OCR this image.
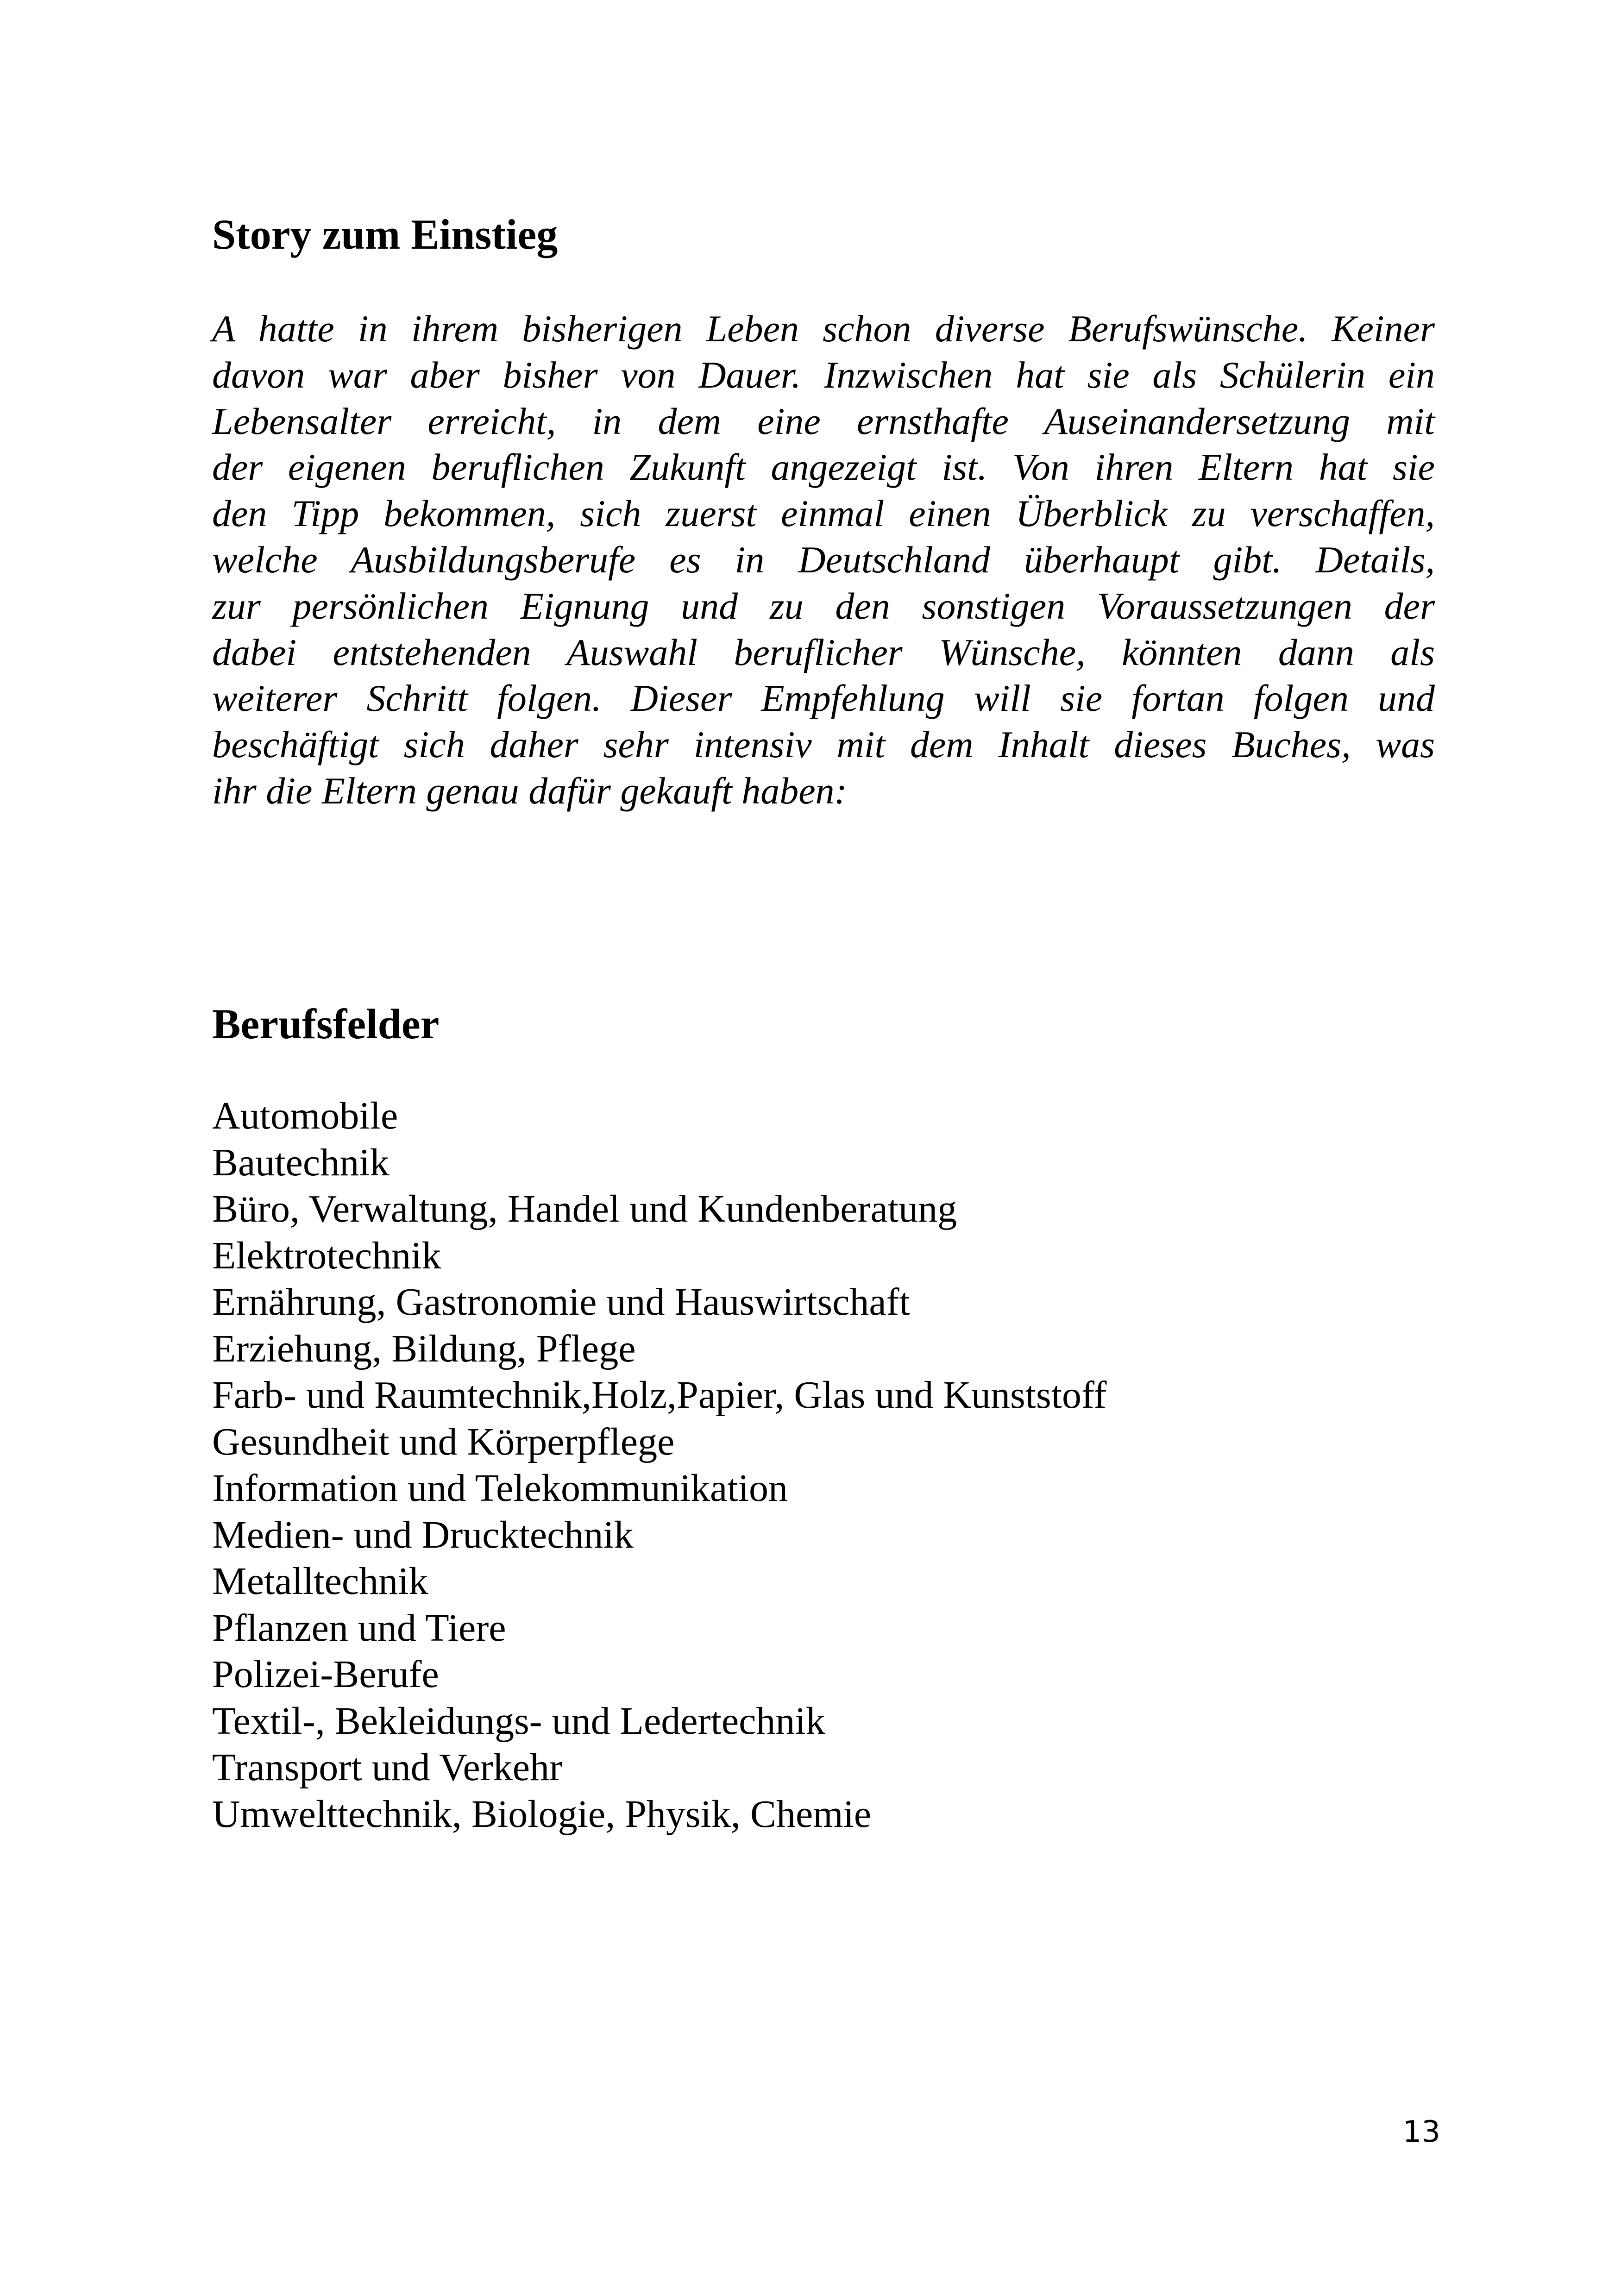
Story zum Einstieg
A hatte in ihrem bisherigen Leben schon diverse Berufswünsche. Keiner
davon war aber bisher von Dauer. Inzwischen hat sie als Schülerin ein
Lebensalter erreicht, in dem eine ernsthafte Auseinandersetzung mit
der eigenen beruflichen Zukunft angezeigt ist. Von ihren Eltern hat sie
den Tipp bekommen, sich zuerst einmal einen Überblick zu verschaffen,
welche Ausbildungsberufe es in Deutschland überhaupt gibt. Details,
zur persönlichen Eignung und zu den sonstigen Voraussetzungen der
dabei entstehenden Auswahl beruflicher Wünsche, könnten dann als
weiterer Schritt folgen. Dieser Empfehlung will sie fortan folgen und
beschäftigt sich daher sehr intensiv mit dem Inhalt dieses Buches, was
ihr die Eltern genau dafür gekauft haben:
Berufsfelder
Automobile
Bautechnik
Büro, Verwaltung, Handel und Kundenberatung
Elektrotechnik
Ernährung, Gastronomie und Hauswirtschaft
Erziehung, Bildung, Pflege
Farb- und Raumtechnik,Holz,Papier, Glas und Kunststoff
Gesundheit und Körperpflege
Information und Telekommunikation
Medien- und Drucktechnik
Metalltechnik
Pflanzen und Tiere
Polizei-Berufe
Textil-, Bekleidungs- und Ledertechnik
Transport und Verkehr
Umwelttechnik, Biologie, Physik, Chemie
13
